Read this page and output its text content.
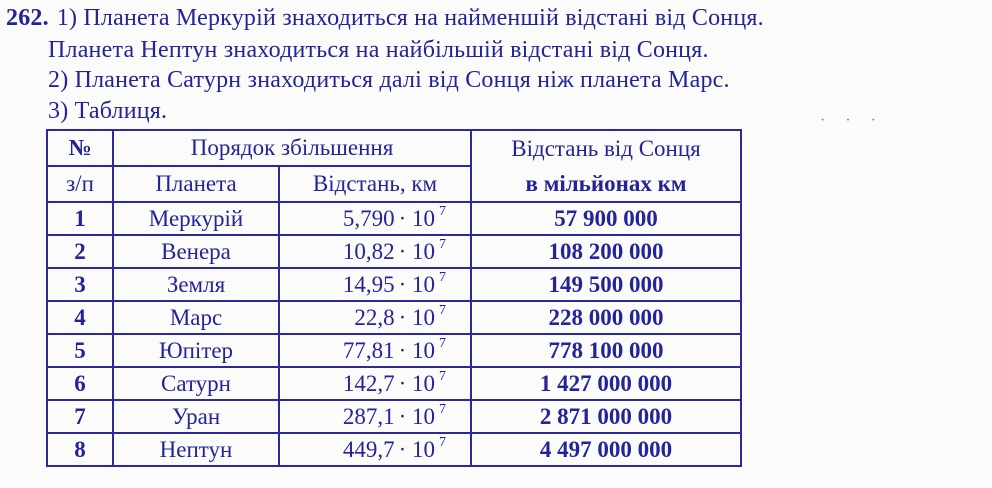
262. 1) Планета Меркурій знаходиться на найменшій відстані від Сонця.
Планета Нептун знаходиться на найбільшій відстані від Сонця.
2) Планета Сатурн знаходиться далі від Сонця ніж планета Марс.
3) Таблиця.	· · ·
№	Порядок збільшення		Відстань від Сонця
з/п	Планета	Відстань, км	в мільйонах км
1	Меркурій	5,790 · 10 $^7$	57 900 000
2	Венера	10,82 · 10 $^7$	108 200 000
3	Земля	14,95 · 10 $^7$	149 500 000
4	Марс	22,8 · 10 $^7$	228 000 000
5	Юпітер	77,81 · 10 $^7$	778 100 000
6	Сатурн	142,7 · 10 $^7$	1 427 000 000
7	Уран	287,1 · 10 $^7$	2 871 000 000
8	Нептун	449,7 · 10 $^7$	4 497 000 000
